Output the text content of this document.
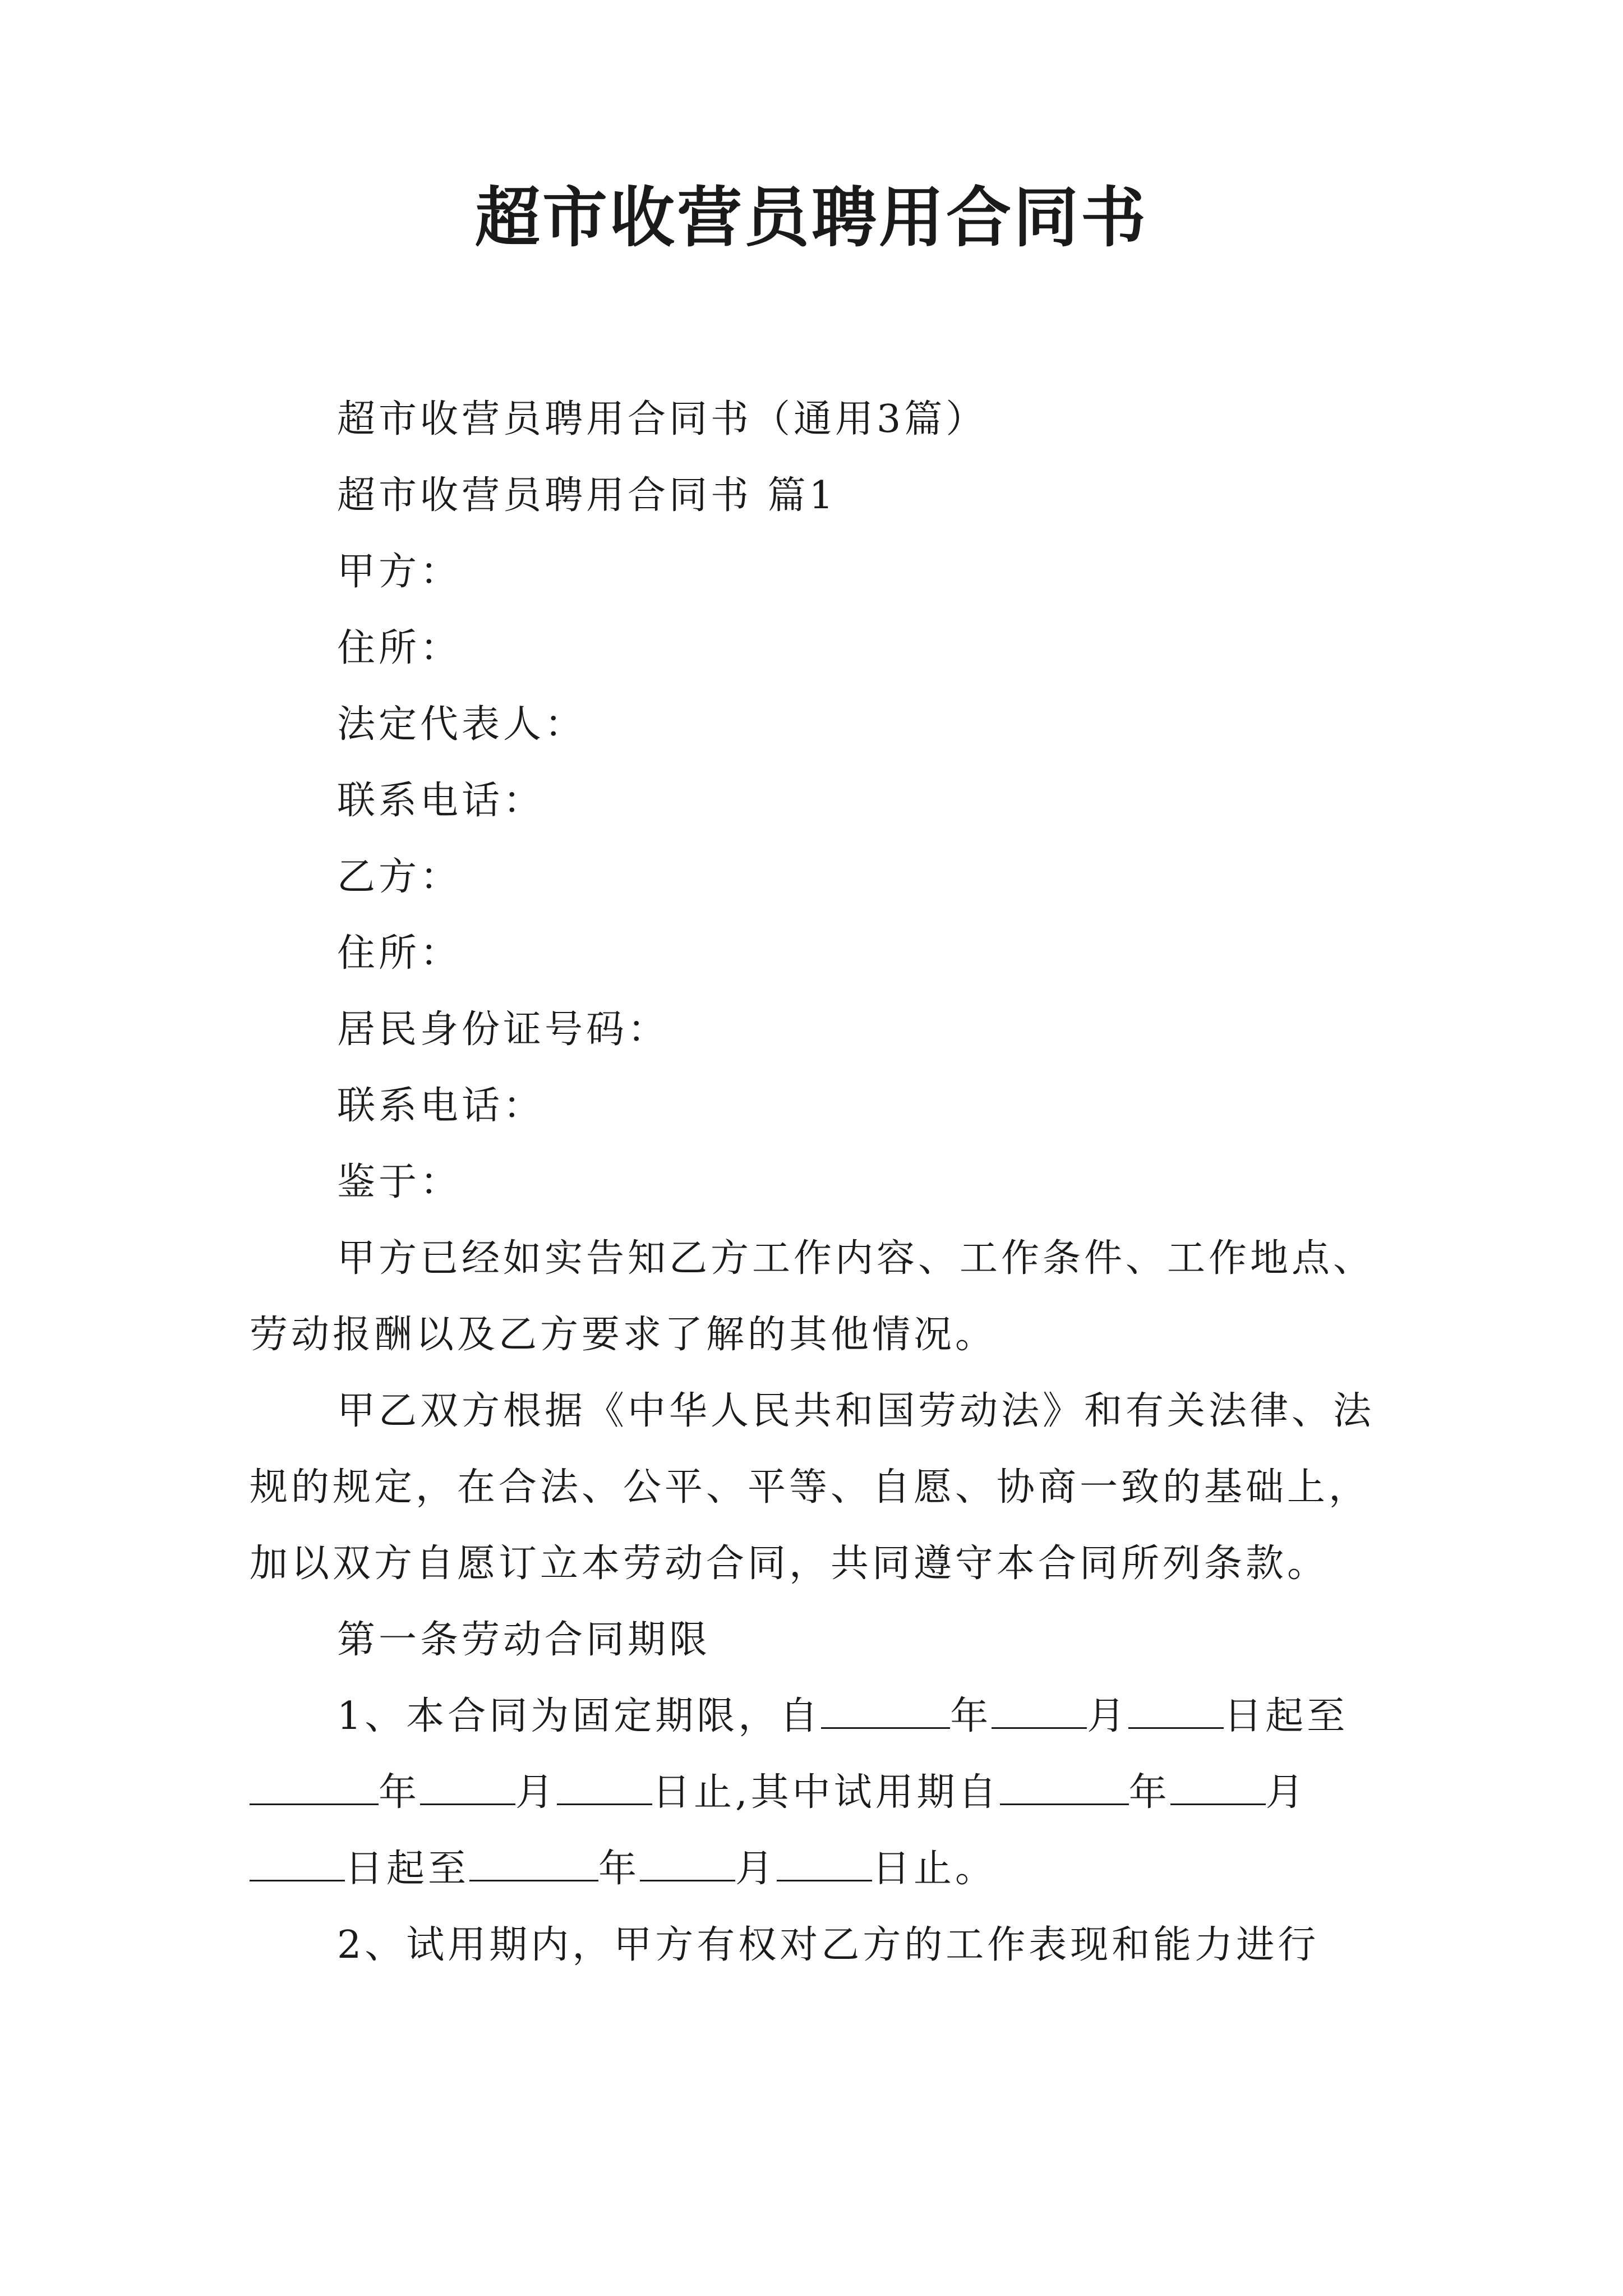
超市收营员聘用合同书

超市收营员聘用合同书（通用3篇）

超市收营员聘用合同书 篇1

甲方：

住所：

法定代表人：

联系电话：

乙方：

住所：

居民身份证号码：

联系电话：

鉴于：

甲方已经如实告知乙方工作内容、工作条件、工作地点、劳动报酬以及乙方要求了解的其他情况。

甲乙双方根据《中华人民共和国劳动法》和有关法律、法规的规定，在合法、公平、平等、自愿、协商一致的基础上，加以双方自愿订立本劳动合同，共同遵守本合同所列条款。

第一条劳动合同期限

1、本合同为固定期限，自	年	月	日起至年	月	日止,其中试用期自	年	月日起至	年	月	日止。

2、试用期内，甲方有权对乙方的工作表现和能力进行
